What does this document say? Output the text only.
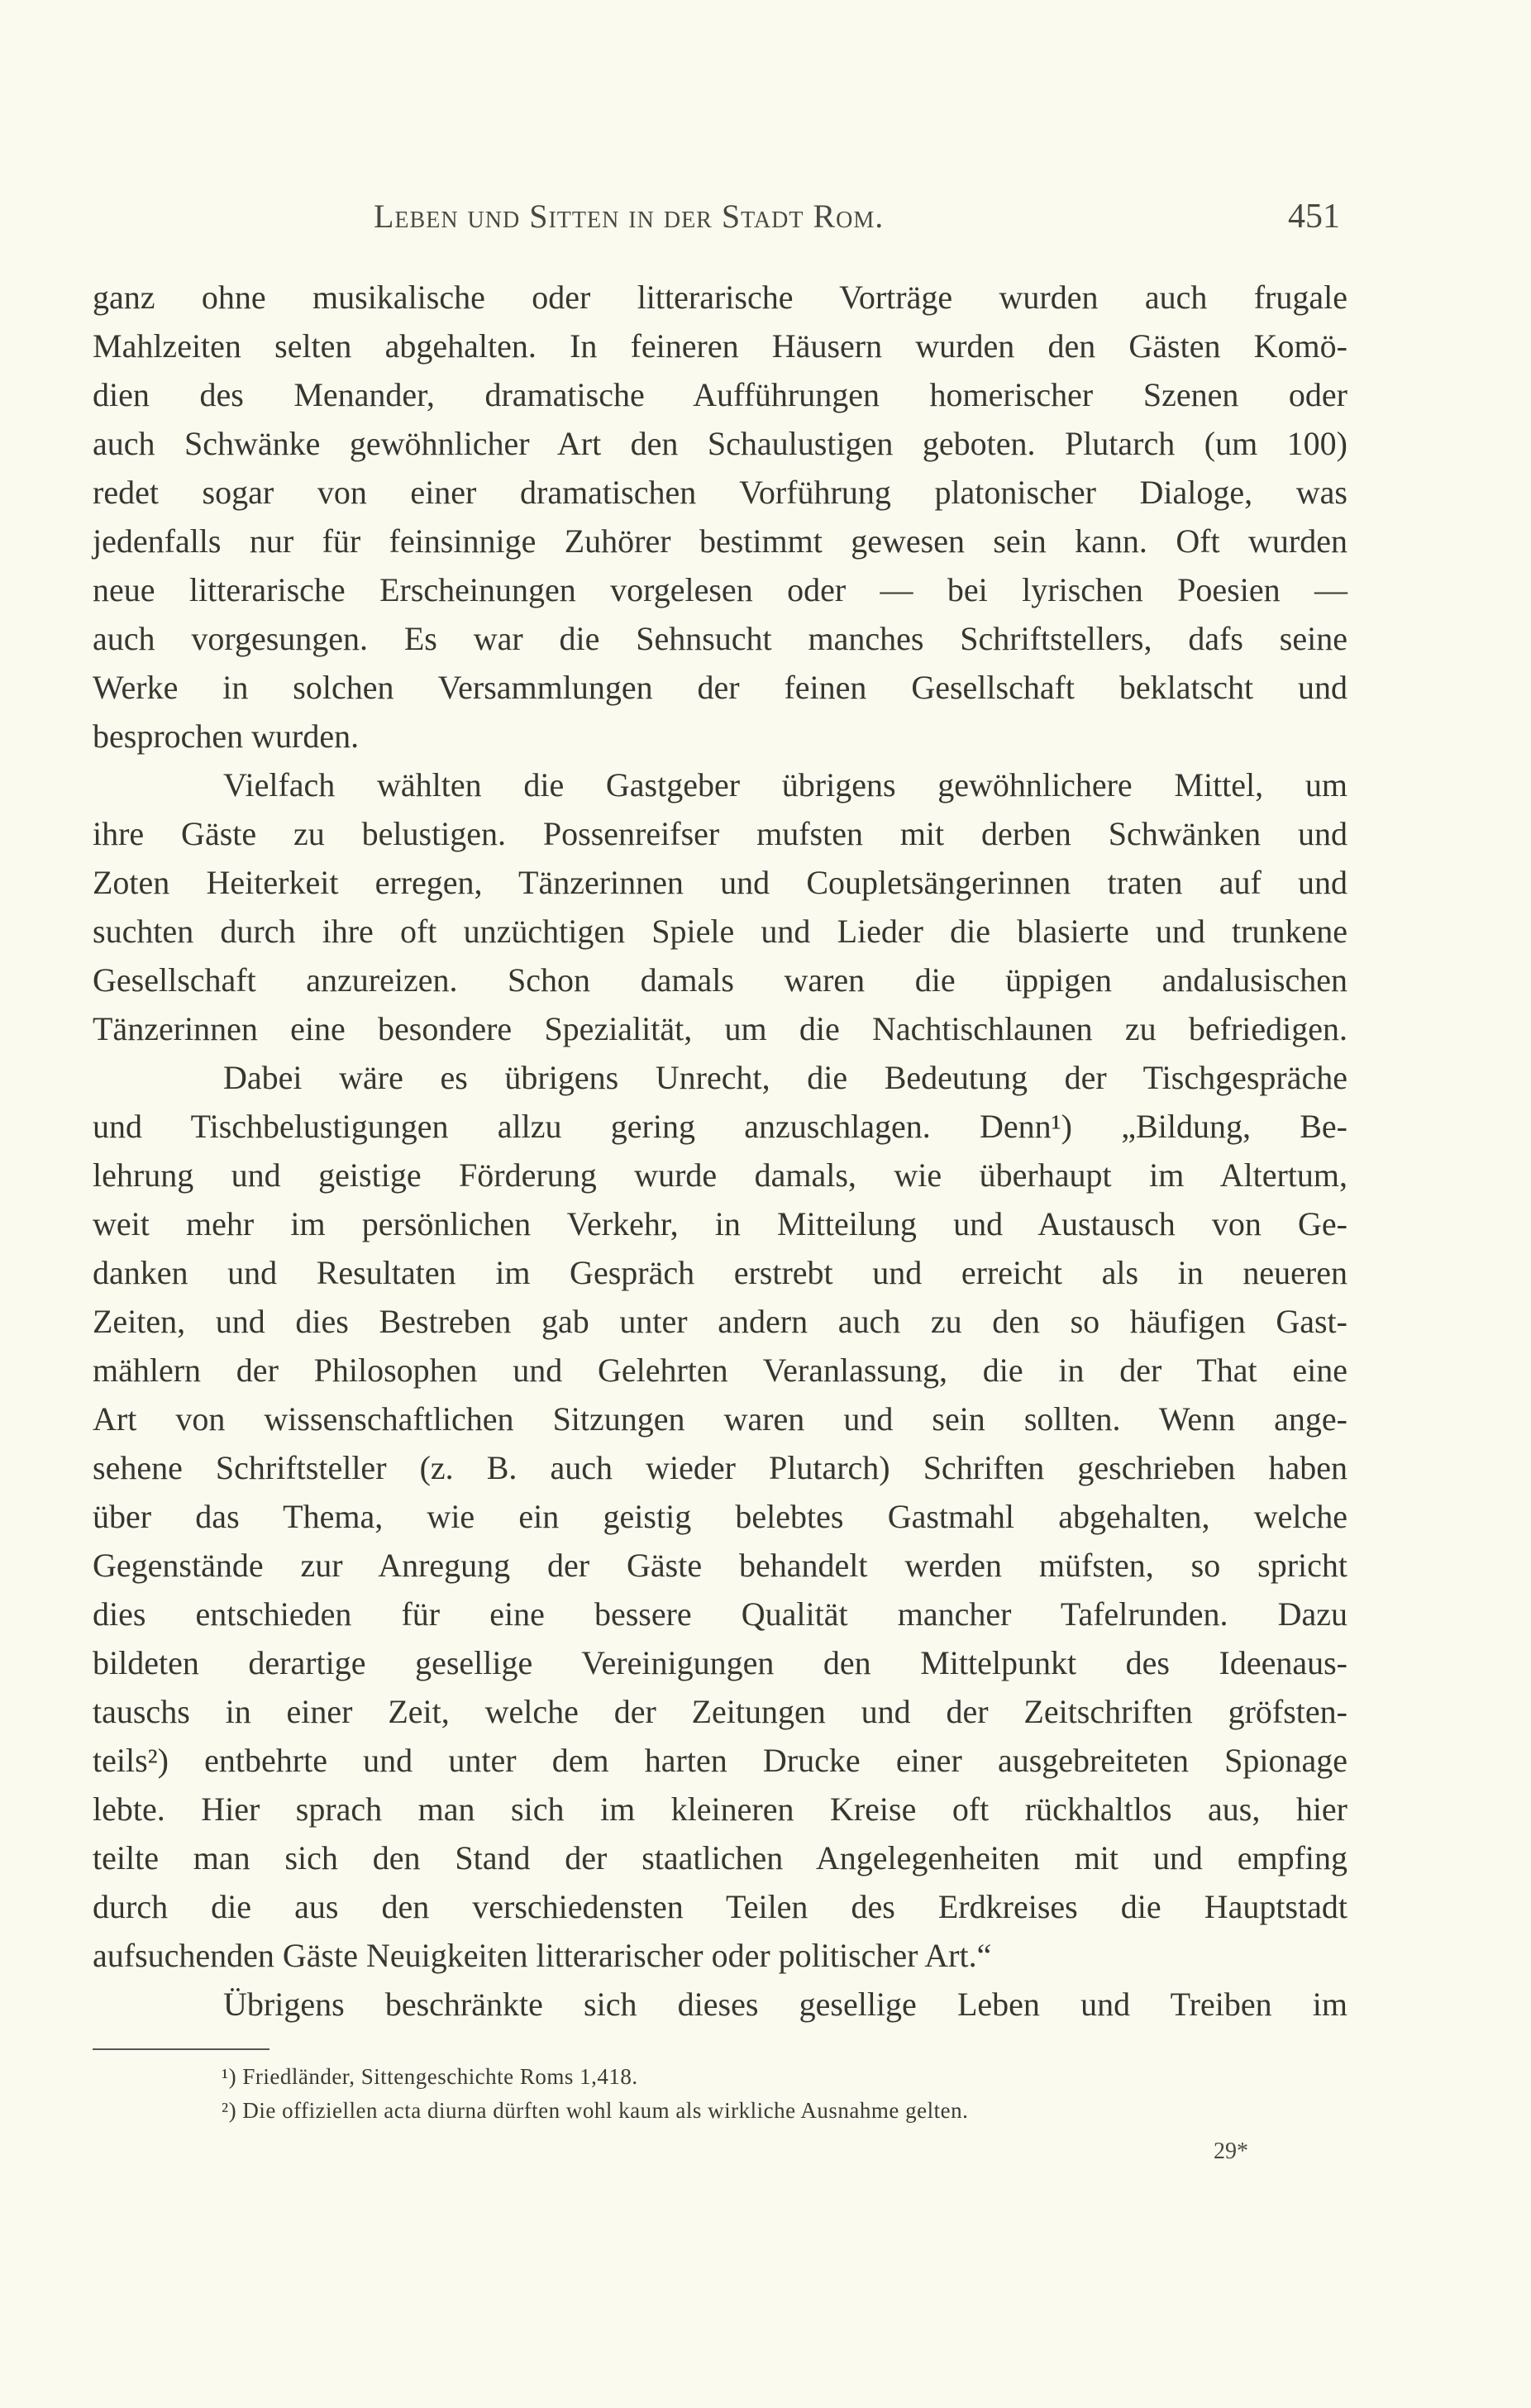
Leben und Sitten in der Stadt Rom.	451
ganz ohne musikalische oder litterarische Vorträge wurden auch frugale
Mahlzeiten selten abgehalten. In feineren Häusern wurden den Gästen Komö-
dien des Menander, dramatische Aufführungen homerischer Szenen oder
auch Schwänke gewöhnlicher Art den Schaulustigen geboten. Plutarch (um 100)
redet sogar von einer dramatischen Vorführung platonischer Dialoge, was
jedenfalls nur für feinsinnige Zuhörer bestimmt gewesen sein kann. Oft wurden
neue litterarische Erscheinungen vorgelesen oder — bei lyrischen Poesien —
auch vorgesungen. Es war die Sehnsucht manches Schriftstellers, dafs seine
Werke in solchen Versammlungen der feinen Gesellschaft beklatscht und
besprochen wurden.
Vielfach wählten die Gastgeber übrigens gewöhnlichere Mittel, um
ihre Gäste zu belustigen. Possenreifser mufsten mit derben Schwänken und
Zoten Heiterkeit erregen, Tänzerinnen und Coupletsängerinnen traten auf und
suchten durch ihre oft unzüchtigen Spiele und Lieder die blasierte und trunkene
Gesellschaft anzureizen. Schon damals waren die üppigen andalusischen
Tänzerinnen eine besondere Spezialität, um die Nachtischlaunen zu befriedigen.
Dabei wäre es übrigens Unrecht, die Bedeutung der Tischgespräche
und Tischbelustigungen allzu gering anzuschlagen. Denn¹) „Bildung, Be-
lehrung und geistige Förderung wurde damals, wie überhaupt im Altertum,
weit mehr im persönlichen Verkehr, in Mitteilung und Austausch von Ge-
danken und Resultaten im Gespräch erstrebt und erreicht als in neueren
Zeiten, und dies Bestreben gab unter andern auch zu den so häufigen Gast-
mählern der Philosophen und Gelehrten Veranlassung, die in der That eine
Art von wissenschaftlichen Sitzungen waren und sein sollten. Wenn ange-
sehene Schriftsteller (z. B. auch wieder Plutarch) Schriften geschrieben haben
über das Thema, wie ein geistig belebtes Gastmahl abgehalten, welche
Gegenstände zur Anregung der Gäste behandelt werden müfsten, so spricht
dies entschieden für eine bessere Qualität mancher Tafelrunden. Dazu
bildeten derartige gesellige Vereinigungen den Mittelpunkt des Ideenaus-
tauschs in einer Zeit, welche der Zeitungen und der Zeitschriften gröfsten-
teils²) entbehrte und unter dem harten Drucke einer ausgebreiteten Spionage
lebte. Hier sprach man sich im kleineren Kreise oft rückhaltlos aus, hier
teilte man sich den Stand der staatlichen Angelegenheiten mit und empfing
durch die aus den verschiedensten Teilen des Erdkreises die Hauptstadt
aufsuchenden Gäste Neuigkeiten litterarischer oder politischer Art.“
Übrigens beschränkte sich dieses gesellige Leben und Treiben im
¹) Friedländer, Sittengeschichte Roms 1,418.
²) Die offiziellen acta diurna dürften wohl kaum als wirkliche Ausnahme gelten.
29*
